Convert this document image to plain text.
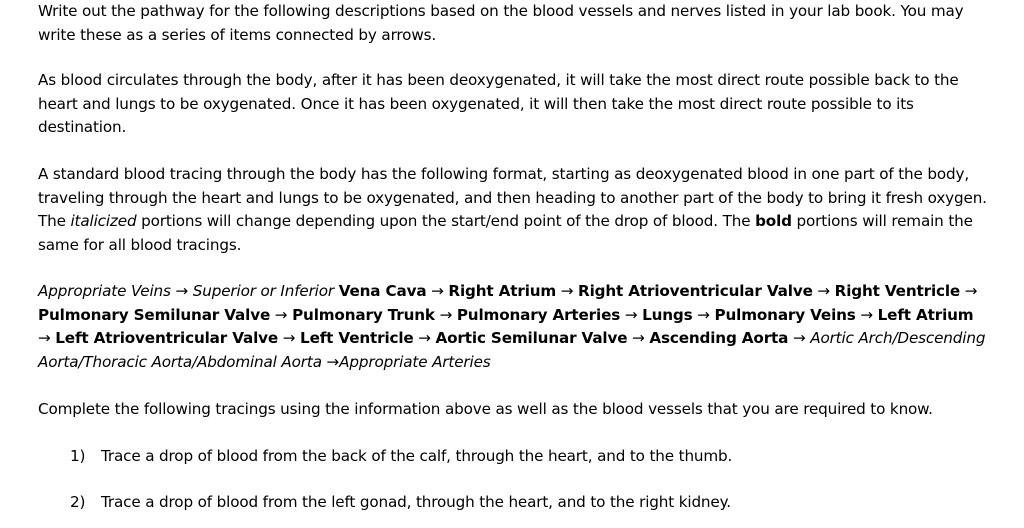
Write out the pathway for the following descriptions based on the blood vessels and nerves listed in your lab book. You may write these as a series of items connected by arrows.

As blood circulates through the body, after it has been deoxygenated, it will take the most direct route possible back to the heart and lungs to be oxygenated. Once it has been oxygenated, it will then take the most direct route possible to its destination.

A standard blood tracing through the body has the following format, starting as deoxygenated blood in one part of the body, traveling through the heart and lungs to be oxygenated, and then heading to another part of the body to bring it fresh oxygen. The italicized portions will change depending upon the start/end point of the drop of blood. The bold portions will remain the same for all blood tracings.

Appropriate Veins → Superior or Inferior Vena Cava → Right Atrium → Right Atrioventricular Valve → Right Ventricle → Pulmonary Semilunar Valve → Pulmonary Trunk → Pulmonary Arteries → Lungs → Pulmonary Veins → Left Atrium → Left Atrioventricular Valve → Left Ventricle → Aortic Semilunar Valve → Ascending Aorta → Aortic Arch/Descending Aorta/Thoracic Aorta/Abdominal Aorta →Appropriate Arteries

Complete the following tracings using the information above as well as the blood vessels that you are required to know.

1) Trace a drop of blood from the back of the calf, through the heart, and to the thumb.

2) Trace a drop of blood from the left gonad, through the heart, and to the right kidney.
